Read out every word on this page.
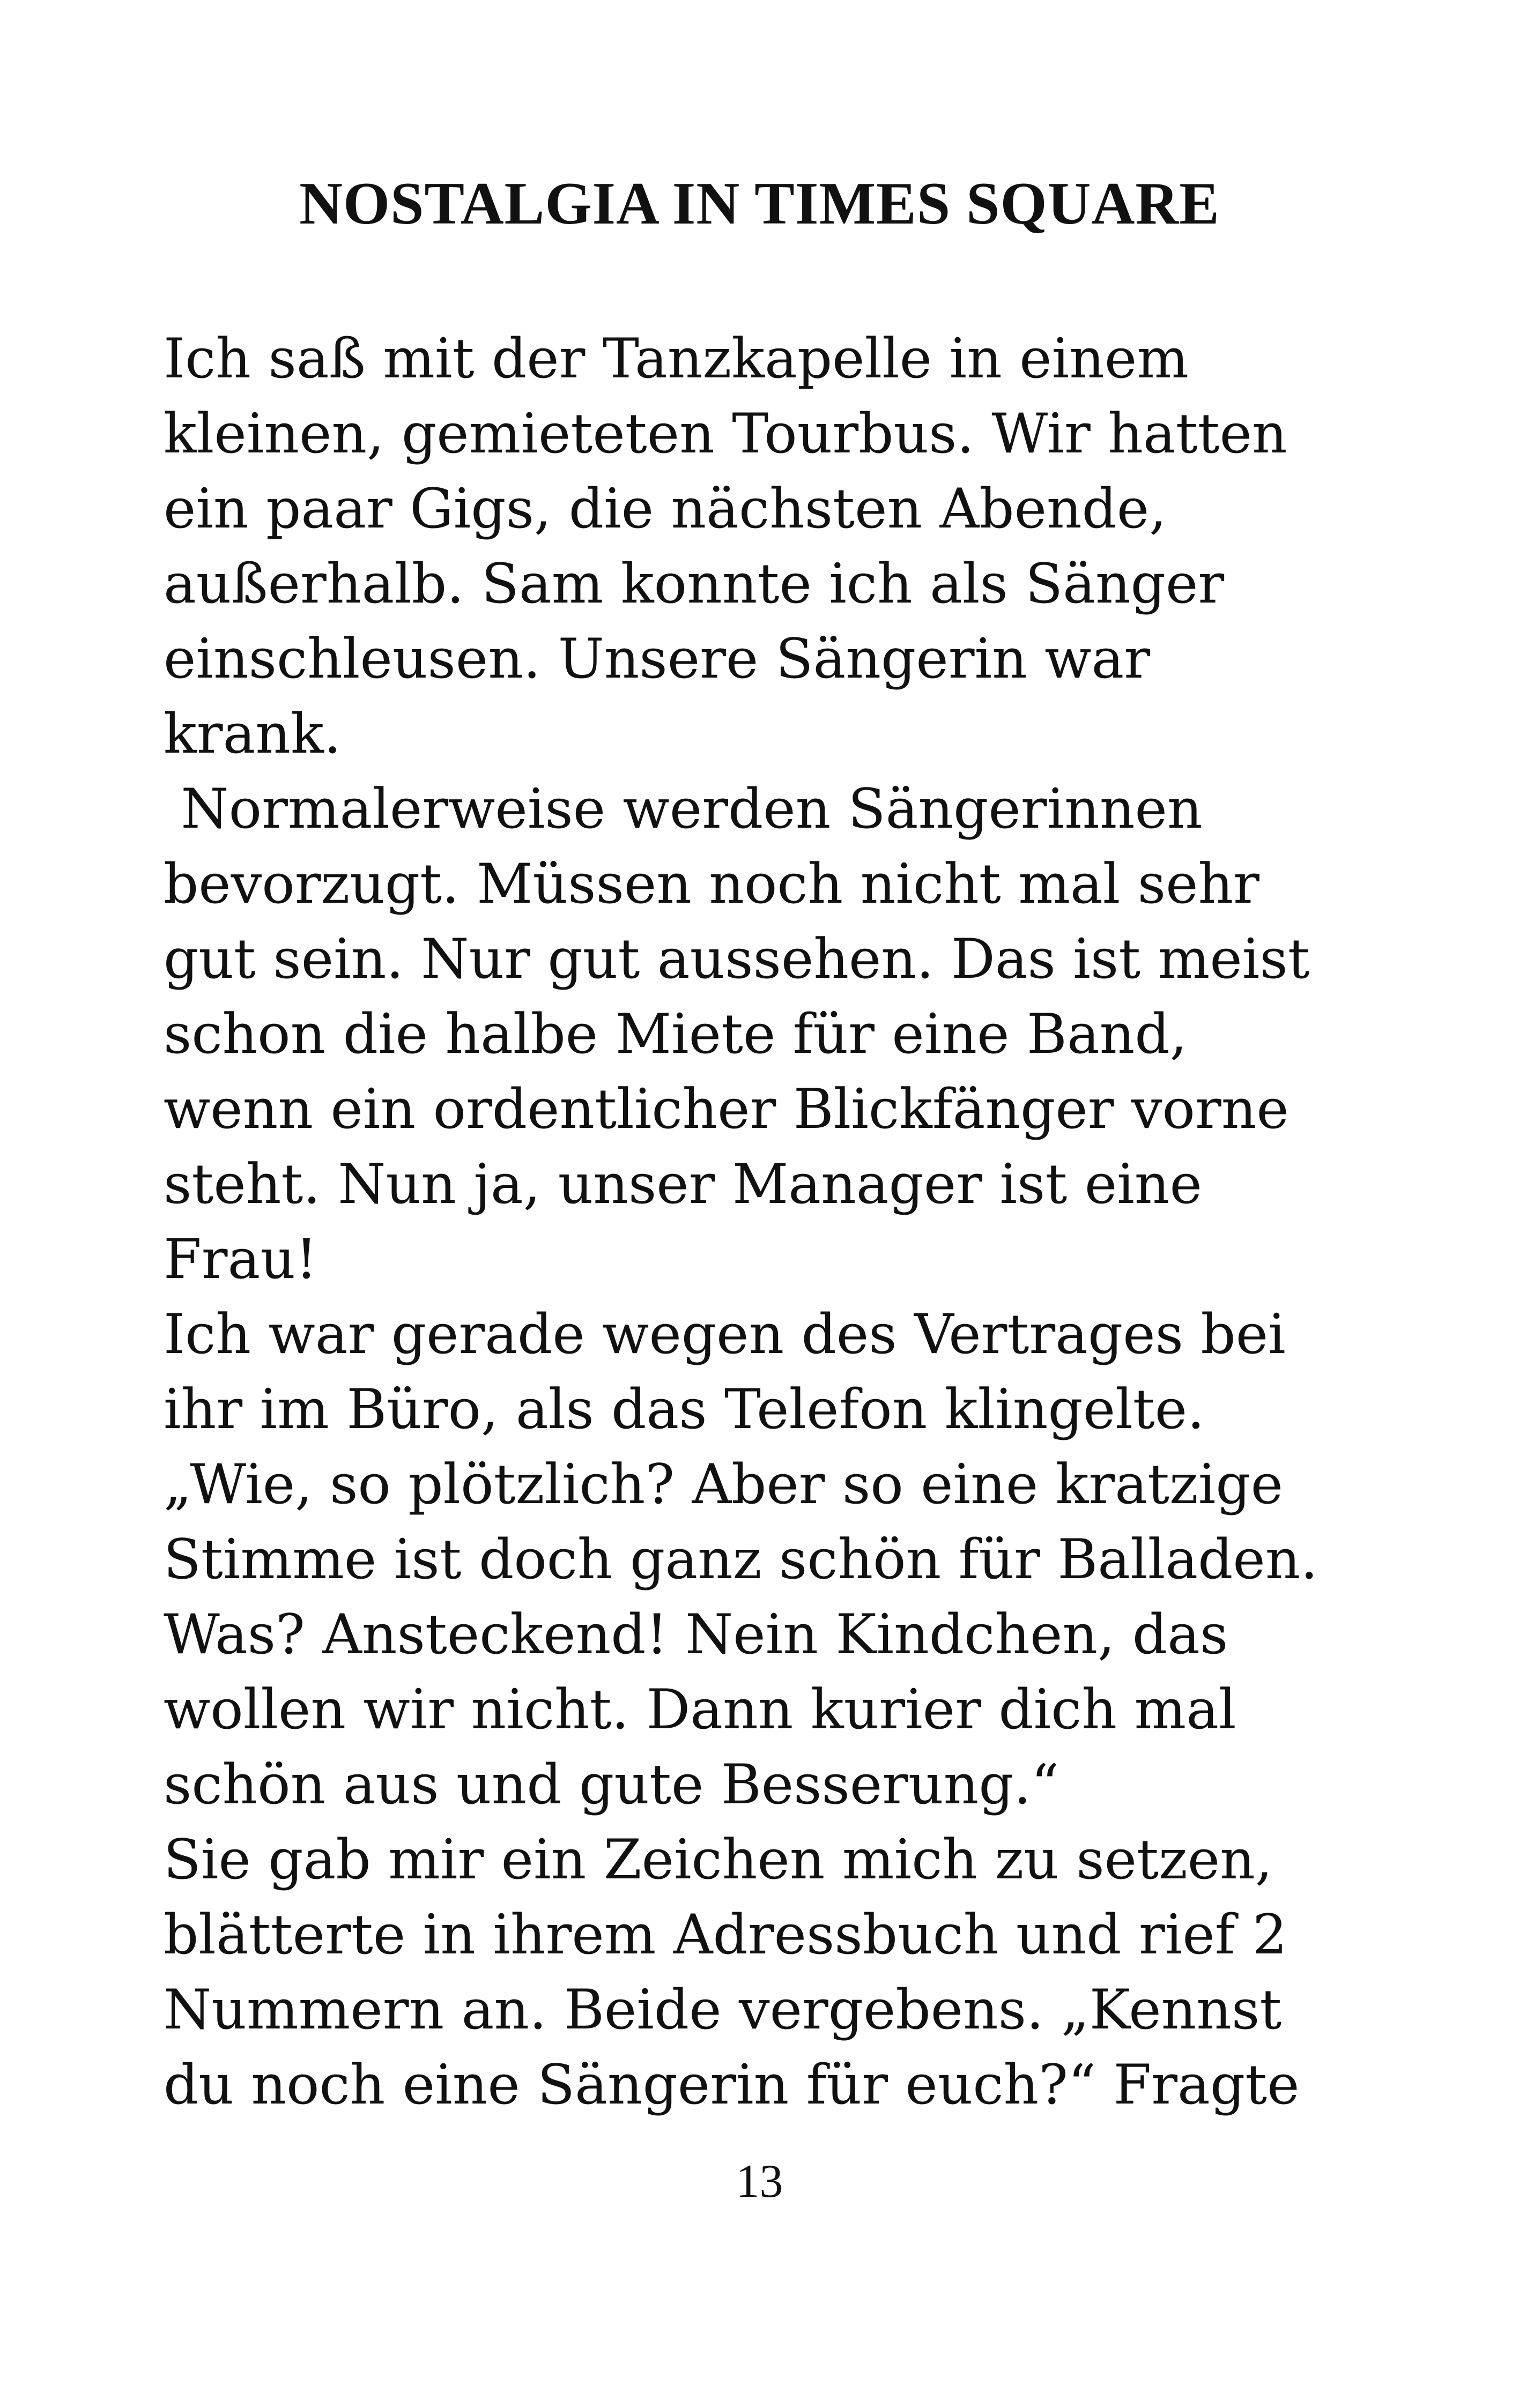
NOSTALGIA IN TIMES SQUARE
Ich saß mit der Tanzkapelle in einem
kleinen, gemieteten Tourbus. Wir hatten
ein paar Gigs, die nächsten Abende,
außerhalb. Sam konnte ich als Sänger
einschleusen. Unsere Sängerin war
krank.
Normalerweise werden Sängerinnen
bevorzugt. Müssen noch nicht mal sehr
gut sein. Nur gut aussehen. Das ist meist
schon die halbe Miete für eine Band,
wenn ein ordentlicher Blickfänger vorne
steht. Nun ja, unser Manager ist eine
Frau!
Ich war gerade wegen des Vertrages bei
ihr im Büro, als das Telefon klingelte.
„Wie, so plötzlich? Aber so eine kratzige
Stimme ist doch ganz schön für Balladen.
Was? Ansteckend! Nein Kindchen, das
wollen wir nicht. Dann kurier dich mal
schön aus und gute Besserung.“
Sie gab mir ein Zeichen mich zu setzen,
blätterte in ihrem Adressbuch und rief 2
Nummern an. Beide vergebens. „Kennst
du noch eine Sängerin für euch?“ Fragte
13
